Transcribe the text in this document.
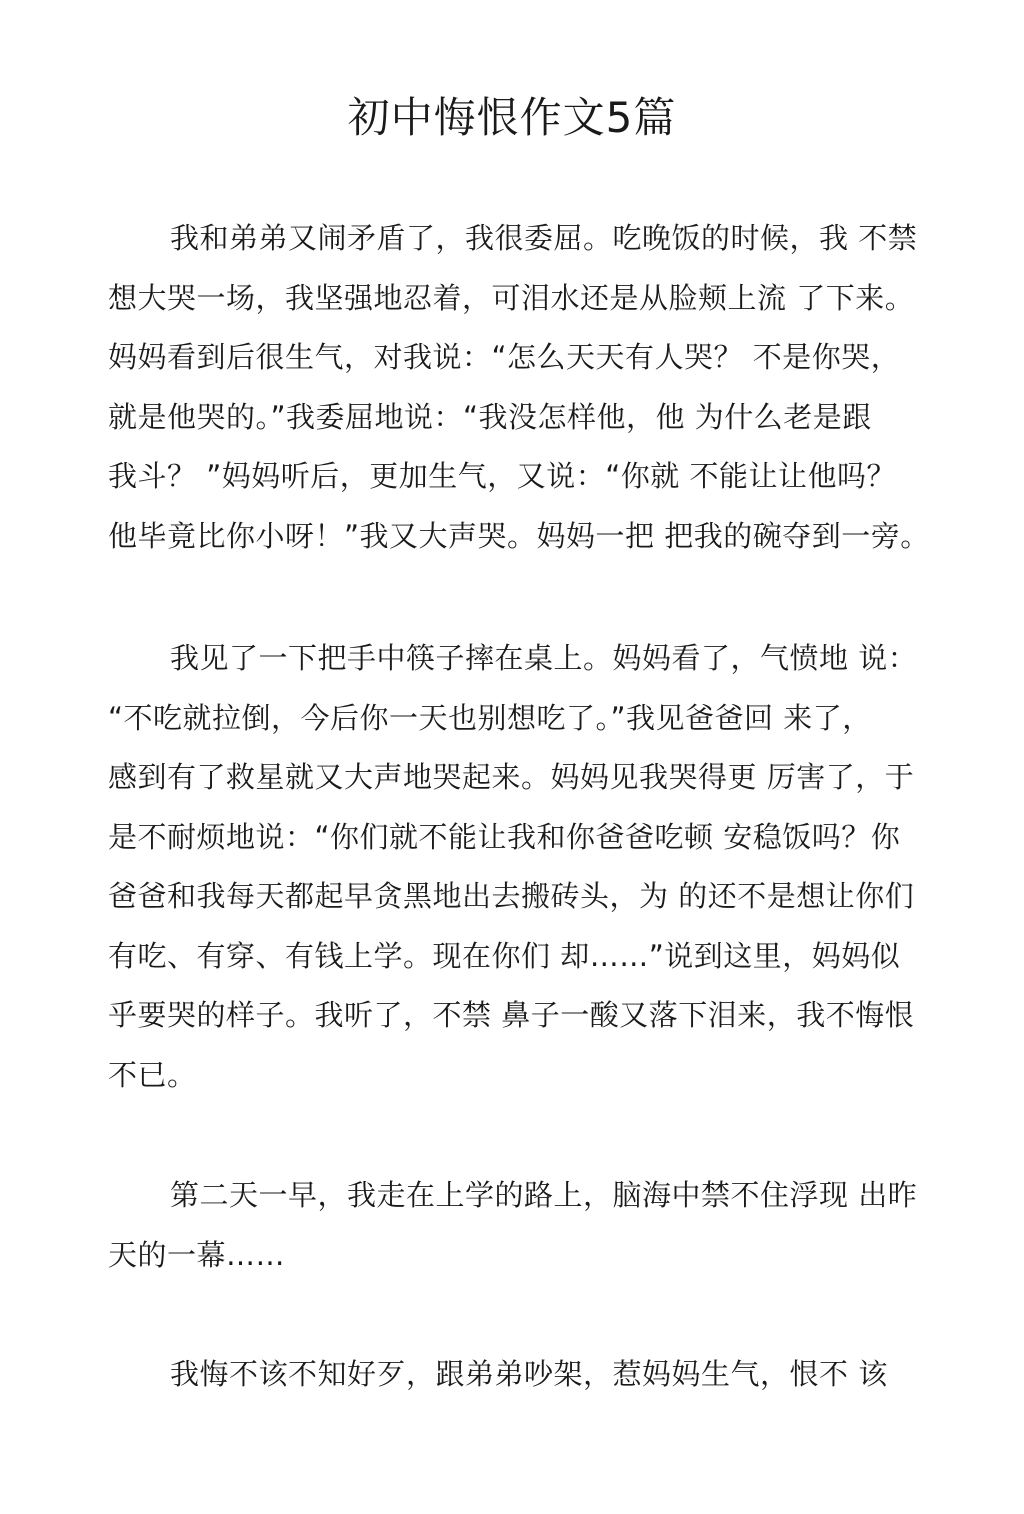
初中悔恨作文5篇
我和弟弟又闹矛盾了，我很委屈。吃晚饭的时候，我 不禁
想大哭一场，我坚强地忍着，可泪水还是从脸颊上流 了下来。
妈妈看到后很生气，对我说：“怎么天天有人哭？ 不是你哭，
就是他哭的。”我委屈地说：“我没怎样他，他 为什么老是跟
我斗？ ”妈妈听后，更加生气，又说：“你就 不能让让他吗？
他毕竟比你小呀！”我又大声哭。妈妈一把 把我的碗夺到一旁。
我见了一下把手中筷子摔在桌上。妈妈看了，气愤地 说：
“不吃就拉倒，今后你一天也别想吃了。”我见爸爸回 来了，
感到有了救星就又大声地哭起来。妈妈见我哭得更 厉害了，于
是不耐烦地说：“你们就不能让我和你爸爸吃顿 安稳饭吗？你
爸爸和我每天都起早贪黑地出去搬砖头，为 的还不是想让你们
有吃、有穿、有钱上学。现在你们 却……”说到这里，妈妈似
乎要哭的样子。我听了，不禁 鼻子一酸又落下泪来，我不悔恨
不已。
第二天一早，我走在上学的路上，脑海中禁不住浮现 出昨
天的一幕……
我悔不该不知好歹，跟弟弟吵架，惹妈妈生气，恨不 该
